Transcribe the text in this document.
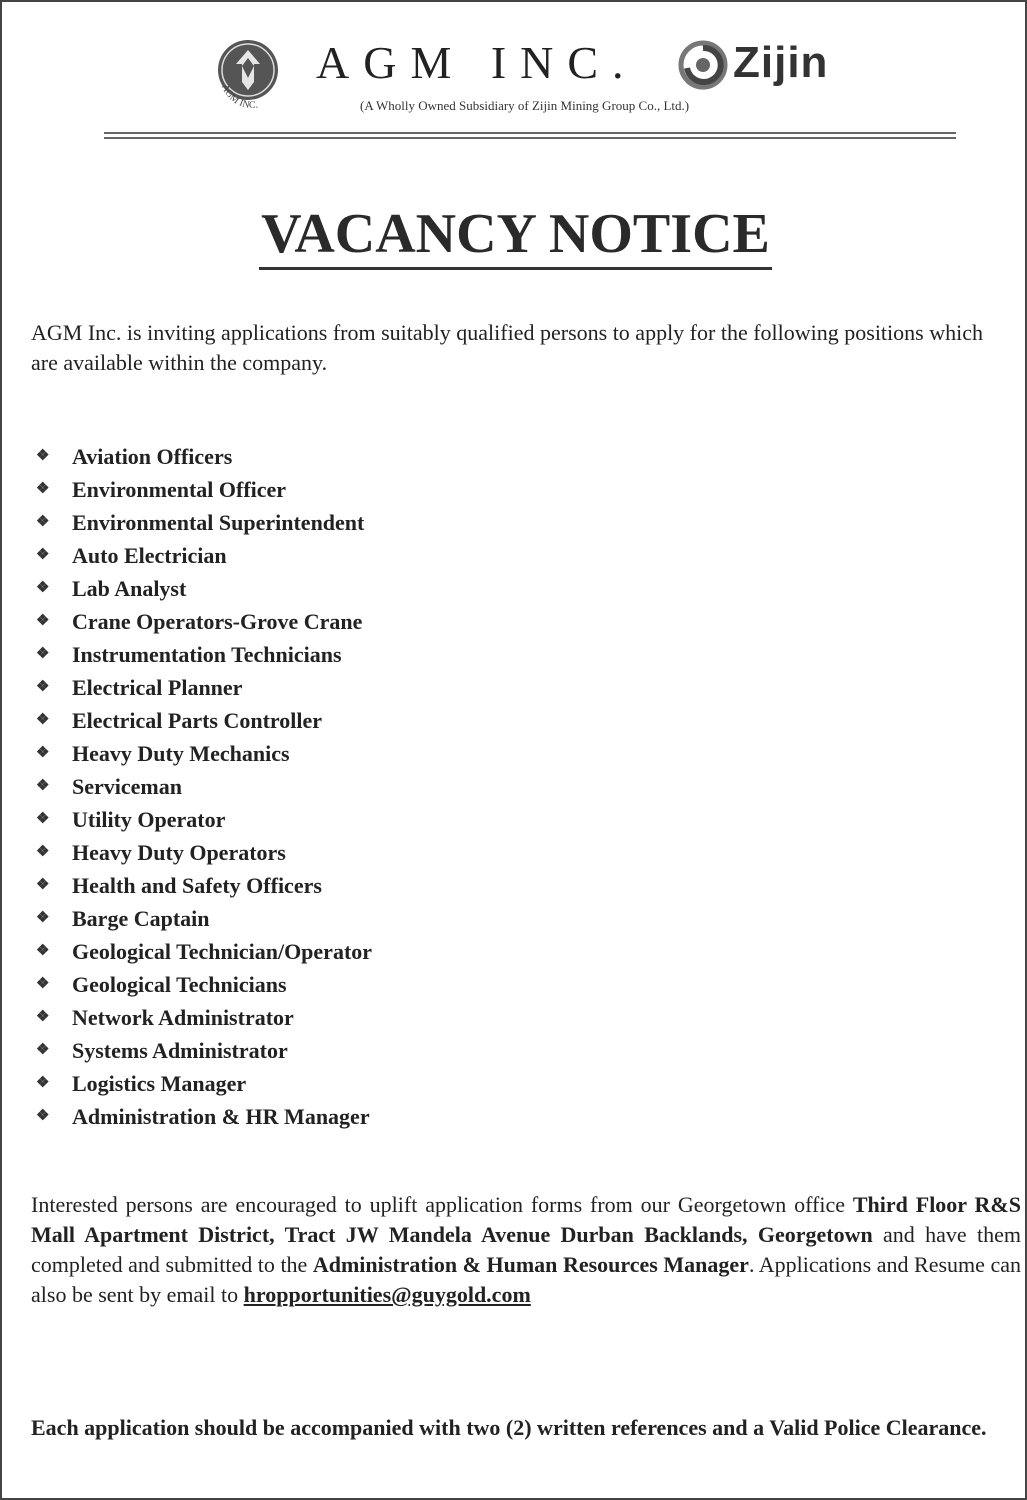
AGM INC.
AGM INC. Zijin
(A Wholly Owned Subsidiary of Zijin Mining Group Co., Ltd.)
VACANCY NOTICE

AGM Inc. is inviting applications from suitably qualified persons to apply for the following positions which are available within the company.

❖ Aviation Officers
❖ Environmental Officer
❖ Environmental Superintendent
❖ Auto Electrician
❖ Lab Analyst
❖ Crane Operators-Grove Crane
❖ Instrumentation Technicians
❖ Electrical Planner
❖ Electrical Parts Controller
❖ Heavy Duty Mechanics
❖ Serviceman
❖ Utility Operator
❖ Heavy Duty Operators
❖ Health and Safety Officers
❖ Barge Captain
❖ Geological Technician/Operator
❖ Geological Technicians
❖ Network Administrator
❖ Systems Administrator
❖ Logistics Manager
❖ Administration & HR Manager

Interested persons are encouraged to uplift application forms from our Georgetown office Third Floor R&S Mall Apartment District, Tract JW Mandela Avenue Durban Backlands, Georgetown and have them completed and submitted to the Administration & Human Resources Manager. Applications and Resume can also be sent by email to hropportunities@guygold.com

Each application should be accompanied with two (2) written references and a Valid Police Clearance.
